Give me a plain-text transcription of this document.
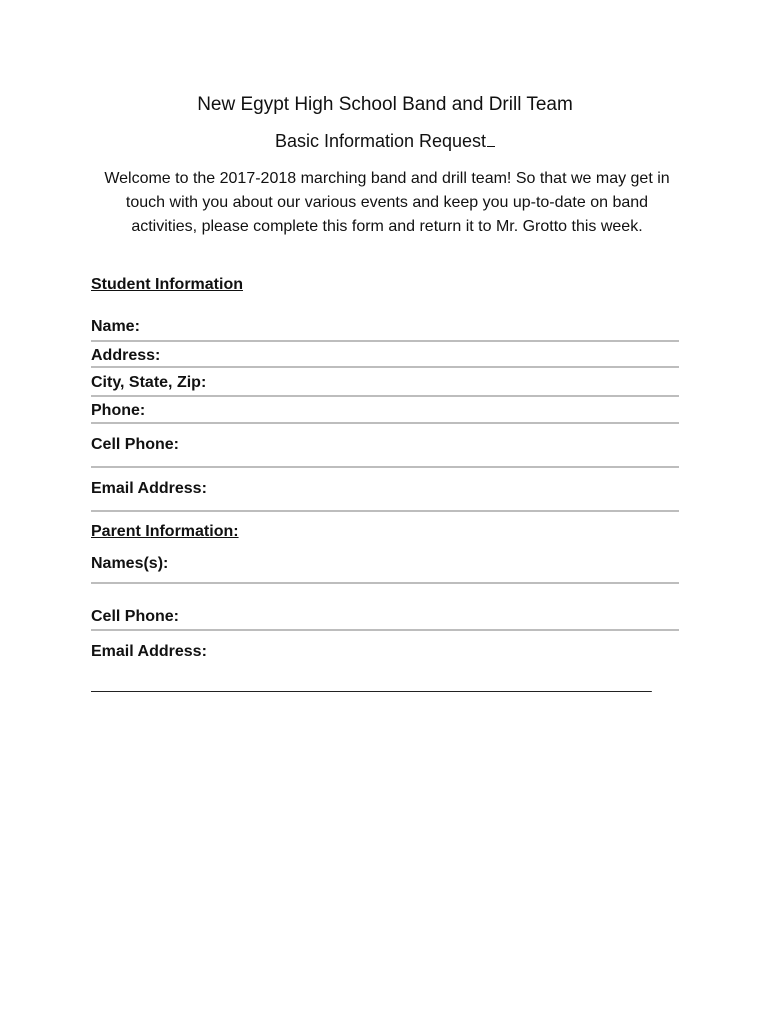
New Egypt High School Band and Drill Team
Basic Information Request
Welcome to the 2017-2018 marching band and drill team! So that we may get in touch with you about our various events and keep you up-to-date on band activities, please complete this form and return it to Mr. Grotto this week.
Student Information
Name:
Address:
City, State, Zip:
Phone:
Cell Phone:
Email Address:
Parent Information:
Names(s):
Cell Phone:
Email Address:
_______________________________________________________________
